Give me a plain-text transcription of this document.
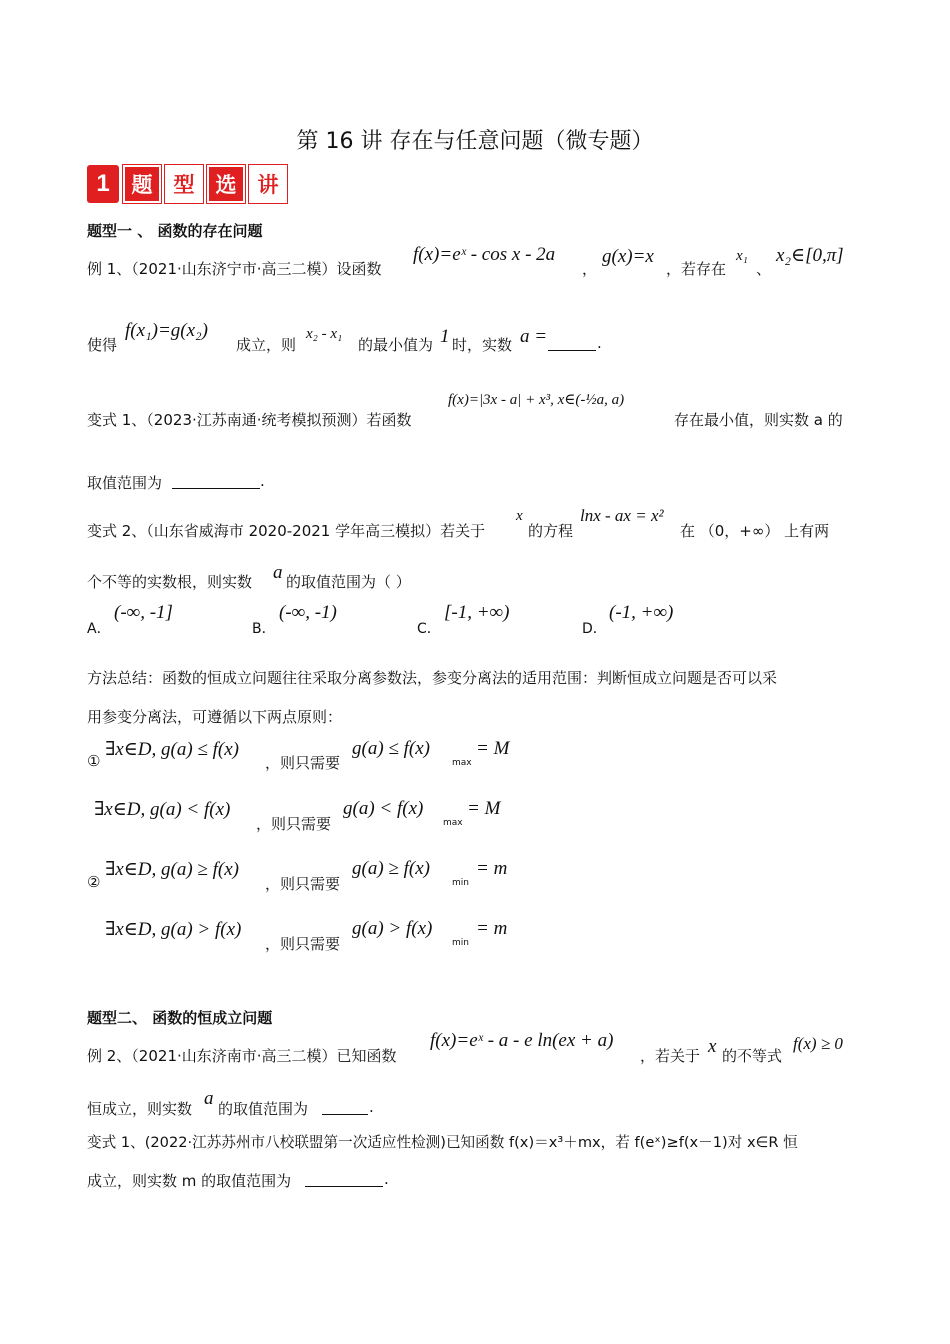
第 16 讲 存在与任意问题（微专题）
1	题	型	选	讲
题型一 、 函数的存在问题
例 1、（2021·山东济宁市·高三二模）设函数
f(x)=eˣ - cos x - 2a
，
g(x)=x
，若存在
x₁
、
x₂∈[0,π]
使得
f(x₁)=g(x₂)
成立，则
x₂ - x₁
的最小值为 1 时，实数 a =	.
变式 1、（2023·江苏南通·统考模拟预测）若函数
f(x)=|3x - a| + x³, x∈(-½a, a)
存在最小值，则实数 a 的
取值范围为	.
变式 2、（山东省威海市 2020-2021 学年高三模拟）若关于
x
的方程
lnx - ax = x²
在 （0，+∞） 上有两
个不等的实数根，则实数 a 的取值范围为（ ）
A．
(-∞, -1]
B．
(-∞, -1)
C．
[-1, +∞)
D．
(-1, +∞)
方法总结：函数的恒成立问题往往采取分离参数法，参变分离法的适用范围：判断恒成立问题是否可以采
用参变分离法，可遵循以下两点原则：
①
∃x∈D, g(a) ≤ f(x)
，则只需要
g(a) ≤ f(x)
max
= M
∃x∈D, g(a) < f(x)
，则只需要
g(a) < f(x)
max
= M
②
∃x∈D, g(a) ≥ f(x)
，则只需要
g(a) ≥ f(x)
min
= m
∃x∈D, g(a) > f(x)
，则只需要
g(a) > f(x)
min
= m
题型二、 函数的恒成立问题
例 2、（2021·山东济南市·高三二模）已知函数
f(x)=eˣ - a - e ln(ex + a)
，若关于 x 的不等式
f(x) ≥ 0
恒成立，则实数 a 的取值范围为	.
变式 1、(2022·江苏苏州市八校联盟第一次适应性检测)已知函数 f(x)＝x³＋mx，若 f(eˣ)≥f(x－1)对 x∈R 恒
成立，则实数 m 的取值范围为	.
